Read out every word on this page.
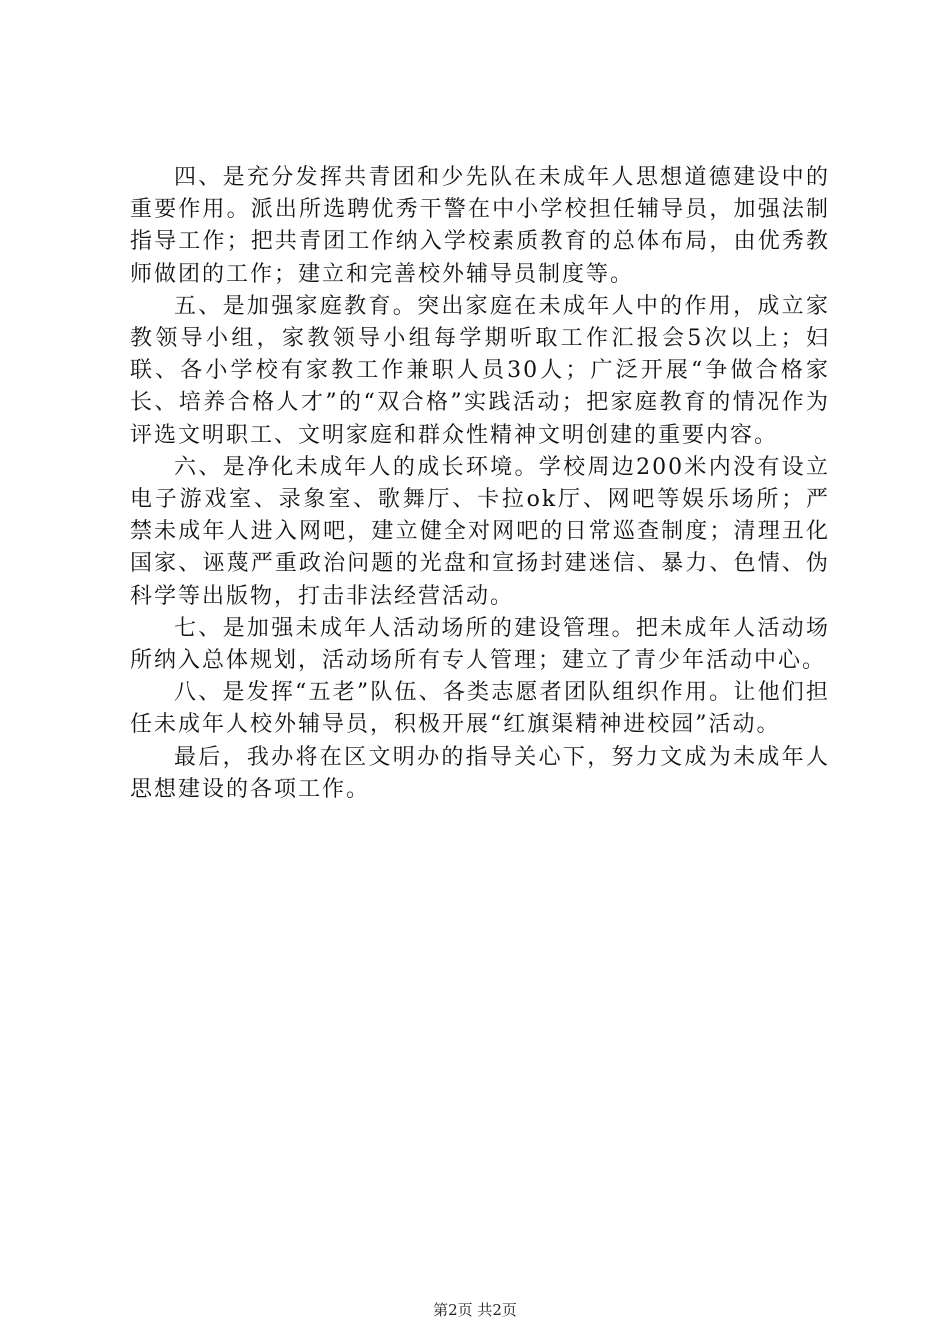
四、是充分发挥共青团和少先队在未成年人思想道德建设中的重要作用。派出所选聘优秀干警在中小学校担任辅导员，加强法制指导工作；把共青团工作纳入学校素质教育的总体布局，由优秀教师做团的工作；建立和完善校外辅导员制度等。

五、是加强家庭教育。突出家庭在未成年人中的作用，成立家教领导小组，家教领导小组每学期听取工作汇报会5次以上；妇联、各小学校有家教工作兼职人员30人；广泛开展“争做合格家长、培养合格人才”的“双合格”实践活动；把家庭教育的情况作为评选文明职工、文明家庭和群众性精神文明创建的重要内容。

六、是净化未成年人的成长环境。学校周边200米内没有设立电子游戏室、录象室、歌舞厅、卡拉ok厅、网吧等娱乐场所；严禁未成年人进入网吧，建立健全对网吧的日常巡查制度；清理丑化国家、诬蔑严重政治问题的光盘和宣扬封建迷信、暴力、色情、伪科学等出版物，打击非法经营活动。

七、是加强未成年人活动场所的建设管理。把未成年人活动场所纳入总体规划，活动场所有专人管理；建立了青少年活动中心。

八、是发挥“五老”队伍、各类志愿者团队组织作用。让他们担任未成年人校外辅导员，积极开展“红旗渠精神进校园”活动。

最后，我办将在区文明办的指导关心下，努力文成为未成年人思想建设的各项工作。

第2页 共2页
